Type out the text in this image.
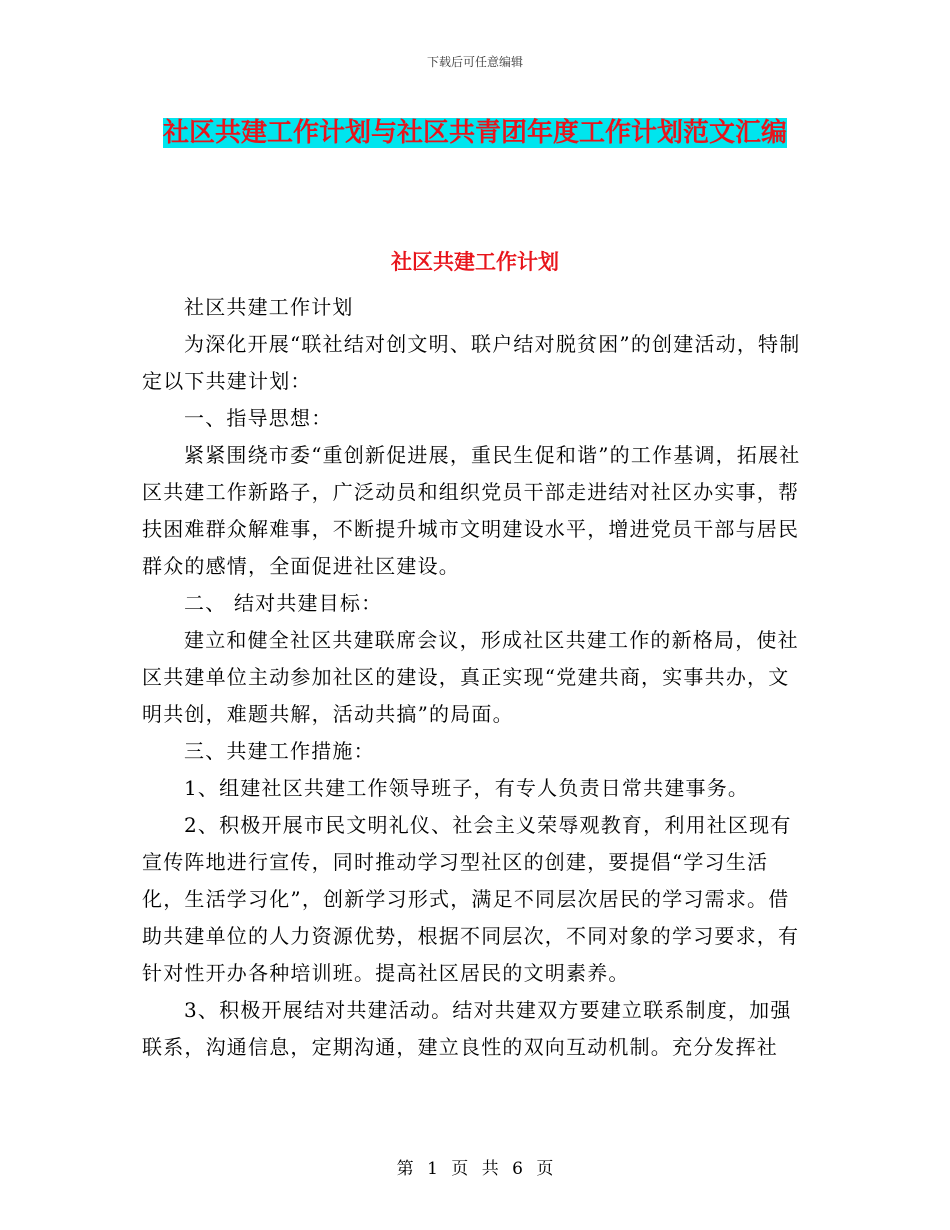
下载后可任意编辑
社区共建工作计划与社区共青团年度工作计划范文汇编
社区共建工作计划

社区共建工作计划

为深化开展“联社结对创文明、联户结对脱贫困”的创建活动，特制定以下共建计划：

一、指导思想：

紧紧围绕市委“重创新促进展，重民生促和谐”的工作基调，拓展社区共建工作新路子，广泛动员和组织党员干部走进结对社区办实事，帮扶困难群众解难事，不断提升城市文明建设水平，增进党员干部与居民群众的感情，全面促进社区建设。

二、 结对共建目标：

建立和健全社区共建联席会议，形成社区共建工作的新格局，使社区共建单位主动参加社区的建设，真正实现“党建共商，实事共办，文明共创，难题共解，活动共搞”的局面。

三、共建工作措施：

1、组建社区共建工作领导班子，有专人负责日常共建事务。

2、积极开展市民文明礼仪、社会主义荣辱观教育，利用社区现有宣传阵地进行宣传，同时推动学习型社区的创建，要提倡“学习生活化，生活学习化”，创新学习形式，满足不同层次居民的学习需求。借助共建单位的人力资源优势，根据不同层次，不同对象的学习要求，有针对性开办各种培训班。提高社区居民的文明素养。

3、积极开展结对共建活动。结对共建双方要建立联系制度，加强联系，沟通信息，定期沟通，建立良性的双向互动机制。充分发挥社

第 1 页 共 6 页
